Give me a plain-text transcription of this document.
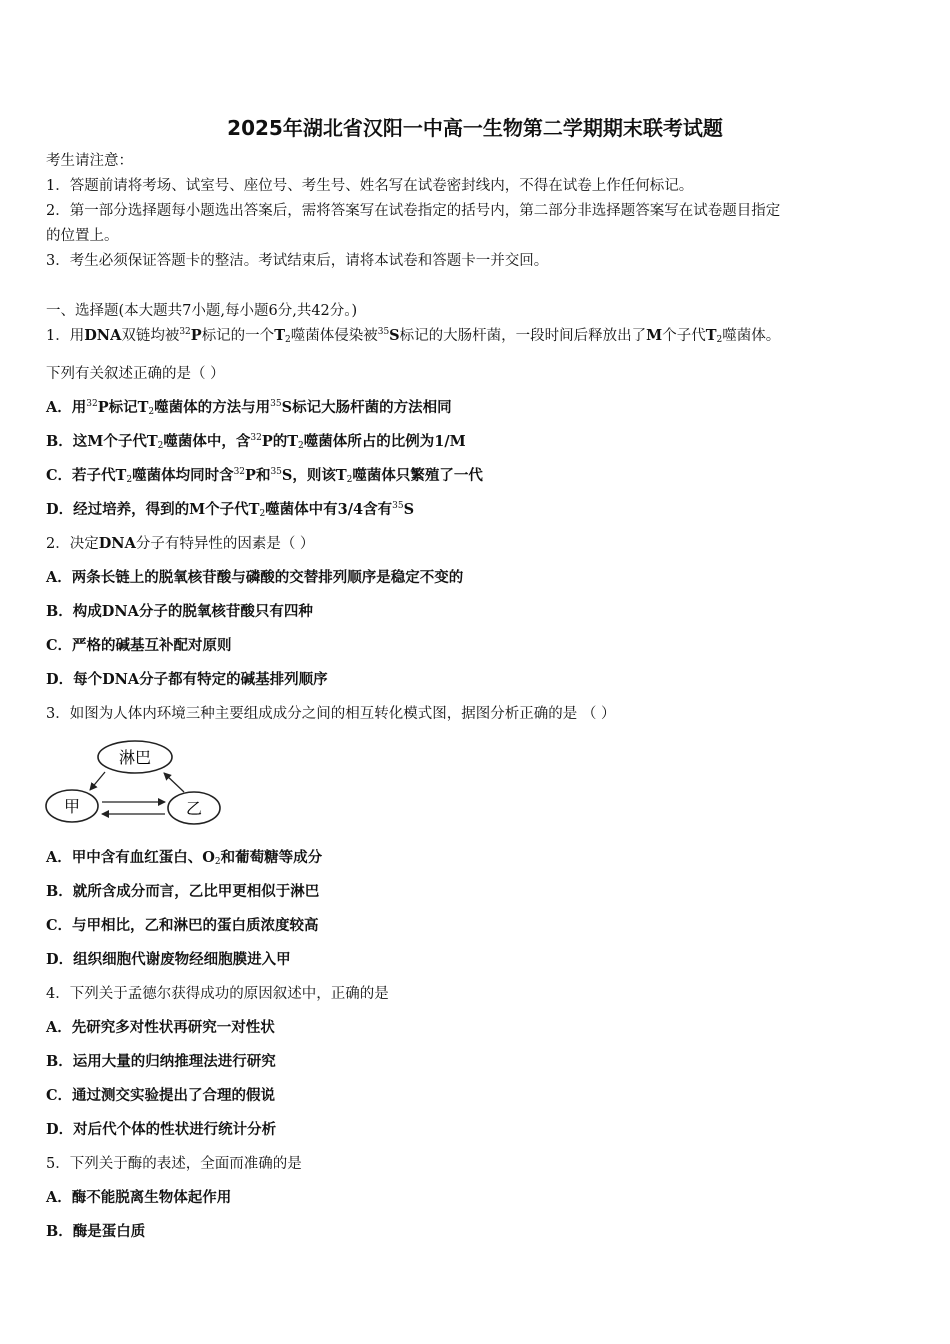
2025年湖北省汉阳一中高一生物第二学期期末联考试题
考生请注意：
1．答题前请将考场、试室号、座位号、考生号、姓名写在试卷密封线内，不得在试卷上作任何标记。
2．第一部分选择题每小题选出答案后，需将答案写在试卷指定的括号内，第二部分非选择题答案写在试卷题目指定
的位置上。
3．考生必须保证答题卡的整洁。考试结束后，请将本试卷和答题卡一并交回。
一、选择题(本大题共7小题,每小题6分,共42分。)
1．用DNA双链均被$^{32}$P标记的一个$T_2$噬菌体侵染被$^{35}$S标记的大肠杆菌，一段时间后释放出了M个子代$T_2$噬菌体。
下列有关叙述正确的是（ ）
A．用$^{32}$P标记$T_2$噬菌体的方法与用$^{35}$S标记大肠杆菌的方法相同
B．这M个子代$T_2$噬菌体中，含$^{32}$P的$T_2$噬菌体所占的比例为1/M
C．若子代$T_2$噬菌体均同时含$^{32}$P和$^{35}$S，则该$T_2$噬菌体只繁殖了一代
D．经过培养，得到的M个子代$T_2$噬菌体中有3/4含有$^{35}$S
2．决定DNA分子有特异性的因素是（ ）
A．两条长链上的脱氧核苷酸与磷酸的交替排列顺序是稳定不变的
B．构成DNA分子的脱氧核苷酸只有四种
C．严格的碱基互补配对原则
D．每个DNA分子都有特定的碱基排列顺序
3．如图为人体内环境三种主要组成成分之间的相互转化模式图，据图分析正确的是 （ ）
淋巴
甲	乙
A．甲中含有血红蛋白、$O_2$和葡萄糖等成分
B．就所含成分而言，乙比甲更相似于淋巴
C．与甲相比，乙和淋巴的蛋白质浓度较高
D．组织细胞代谢废物经细胞膜进入甲
4．下列关于孟德尔获得成功的原因叙述中，正确的是
A．先研究多对性状再研究一对性状
B．运用大量的归纳推理法进行研究
C．通过测交实验提出了合理的假说
D．对后代个体的性状进行统计分析
5．下列关于酶的表述，全面而准确的是
A．酶不能脱离生物体起作用
B．酶是蛋白质
